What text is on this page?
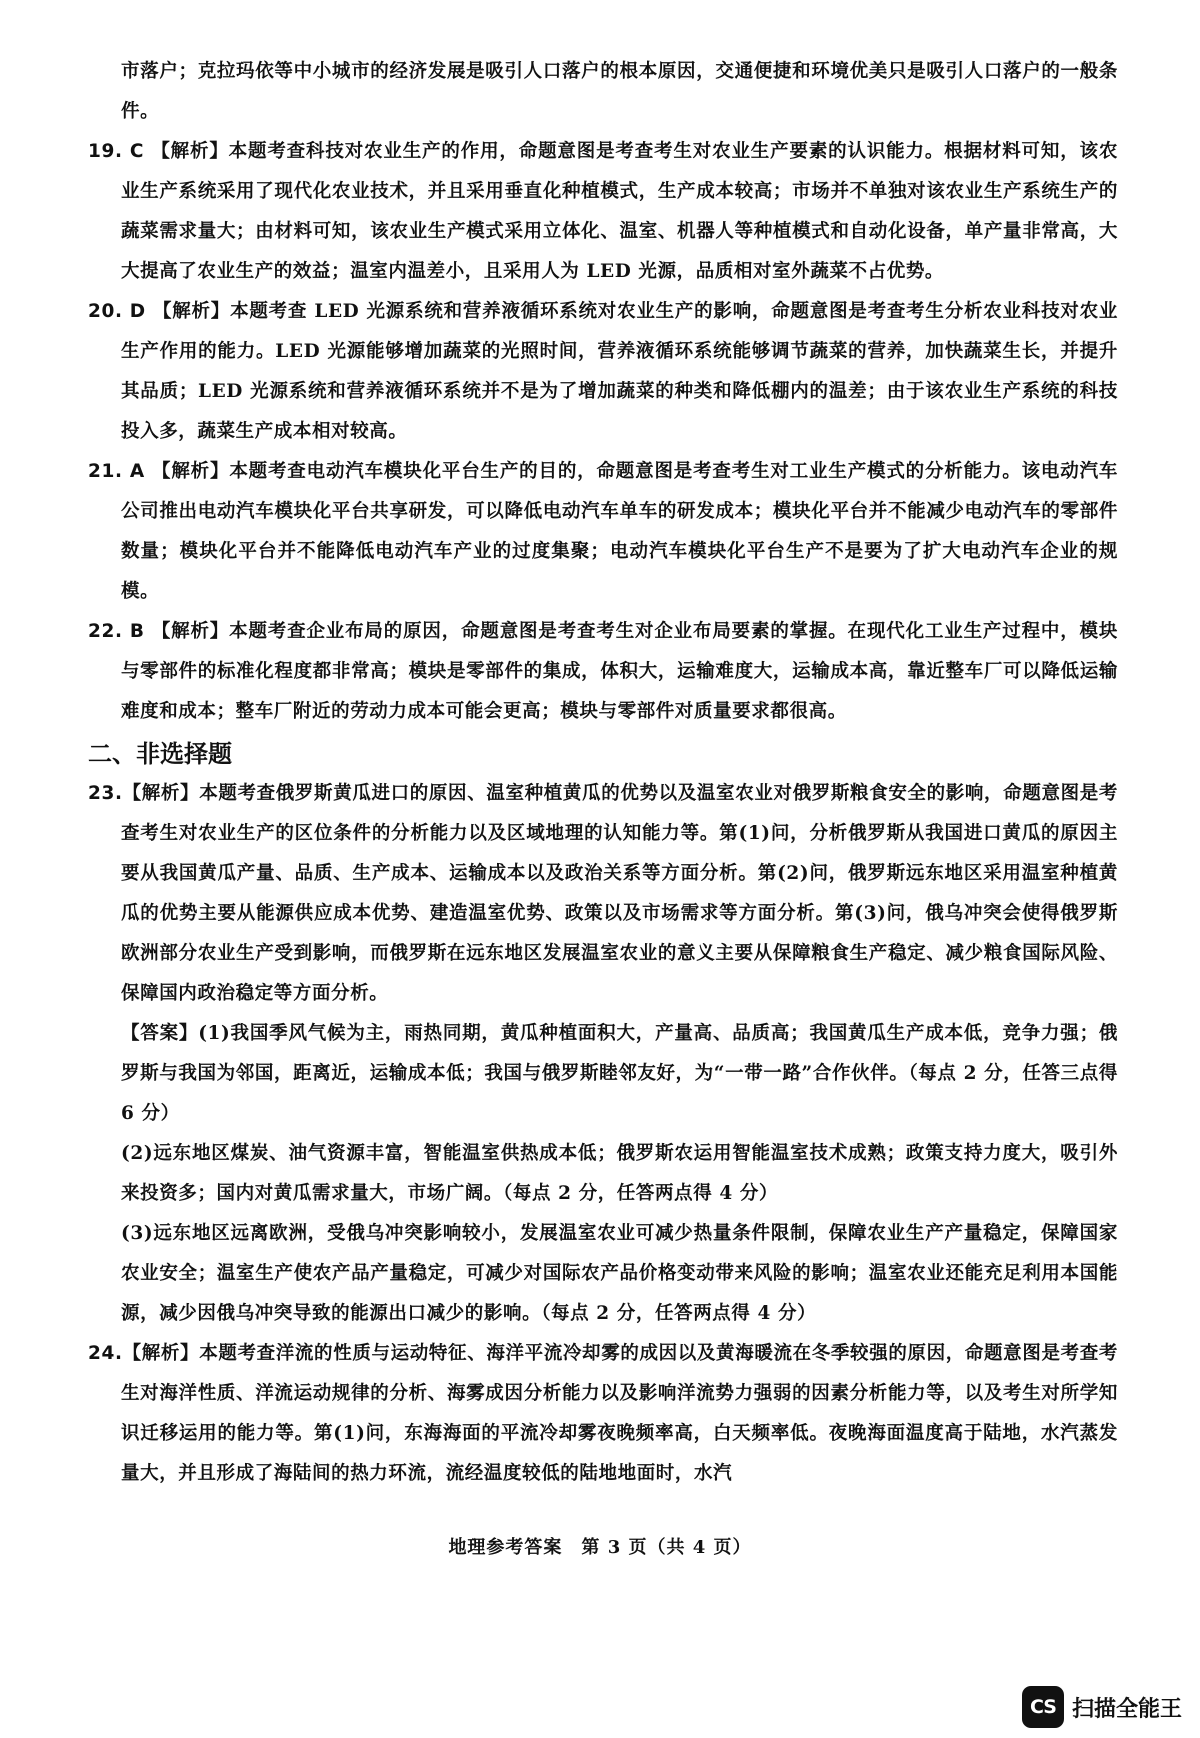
市落户；克拉玛依等中小城市的经济发展是吸引人口落户的根本原因，交通便捷和环境优美只是吸引人口落户的一般条件。

19. C 【解析】本题考查科技对农业生产的作用，命题意图是考查考生对农业生产要素的认识能力。根据材料可知，该农业生产系统采用了现代化农业技术，并且采用垂直化种植模式，生产成本较高；市场并不单独对该农业生产系统生产的蔬菜需求量大；由材料可知，该农业生产模式采用立体化、温室、机器人等种植模式和自动化设备，单产量非常高，大大提高了农业生产的效益；温室内温差小，且采用人为 LED 光源，品质相对室外蔬菜不占优势。

20. D 【解析】本题考查 LED 光源系统和营养液循环系统对农业生产的影响，命题意图是考查考生分析农业科技对农业生产作用的能力。LED 光源能够增加蔬菜的光照时间，营养液循环系统能够调节蔬菜的营养，加快蔬菜生长，并提升其品质；LED 光源系统和营养液循环系统并不是为了增加蔬菜的种类和降低棚内的温差；由于该农业生产系统的科技投入多，蔬菜生产成本相对较高。

21. A 【解析】本题考查电动汽车模块化平台生产的目的，命题意图是考查考生对工业生产模式的分析能力。该电动汽车公司推出电动汽车模块化平台共享研发，可以降低电动汽车单车的研发成本；模块化平台并不能减少电动汽车的零部件数量；模块化平台并不能降低电动汽车产业的过度集聚；电动汽车模块化平台生产不是要为了扩大电动汽车企业的规模。

22. B 【解析】本题考查企业布局的原因，命题意图是考查考生对企业布局要素的掌握。在现代化工业生产过程中，模块与零部件的标准化程度都非常高；模块是零部件的集成，体积大，运输难度大，运输成本高，靠近整车厂可以降低运输难度和成本；整车厂附近的劳动力成本可能会更高；模块与零部件对质量要求都很高。

二、非选择题

23.【解析】本题考查俄罗斯黄瓜进口的原因、温室种植黄瓜的优势以及温室农业对俄罗斯粮食安全的影响，命题意图是考查考生对农业生产的区位条件的分析能力以及区域地理的认知能力等。第(1)问，分析俄罗斯从我国进口黄瓜的原因主要从我国黄瓜产量、品质、生产成本、运输成本以及政治关系等方面分析。第(2)问，俄罗斯远东地区采用温室种植黄瓜的优势主要从能源供应成本优势、建造温室优势、政策以及市场需求等方面分析。第(3)问，俄乌冲突会使得俄罗斯欧洲部分农业生产受到影响，而俄罗斯在远东地区发展温室农业的意义主要从保障粮食生产稳定、减少粮食国际风险、保障国内政治稳定等方面分析。

【答案】(1)我国季风气候为主，雨热同期，黄瓜种植面积大，产量高、品质高；我国黄瓜生产成本低，竞争力强；俄罗斯与我国为邻国，距离近，运输成本低；我国与俄罗斯睦邻友好，为“一带一路”合作伙伴。（每点 2 分，任答三点得 6 分）

(2)远东地区煤炭、油气资源丰富，智能温室供热成本低；俄罗斯农运用智能温室技术成熟；政策支持力度大，吸引外来投资多；国内对黄瓜需求量大，市场广阔。（每点 2 分，任答两点得 4 分）

(3)远东地区远离欧洲，受俄乌冲突影响较小，发展温室农业可减少热量条件限制，保障农业生产产量稳定，保障国家农业安全；温室生产使农产品产量稳定，可减少对国际农产品价格变动带来风险的影响；温室农业还能充足利用本国能源，减少因俄乌冲突导致的能源出口减少的影响。（每点 2 分，任答两点得 4 分）

24.【解析】本题考查洋流的性质与运动特征、海洋平流冷却雾的成因以及黄海暖流在冬季较强的原因，命题意图是考查考生对海洋性质、洋流运动规律的分析、海雾成因分析能力以及影响洋流势力强弱的因素分析能力等，以及考生对所学知识迁移运用的能力等。第(1)问，东海海面的平流冷却雾夜晚频率高，白天频率低。夜晚海面温度高于陆地，水汽蒸发量大，并且形成了海陆间的热力环流，流经温度较低的陆地地面时，水汽

地理参考答案　第 3 页（共 4 页）
CS 扫描全能王
